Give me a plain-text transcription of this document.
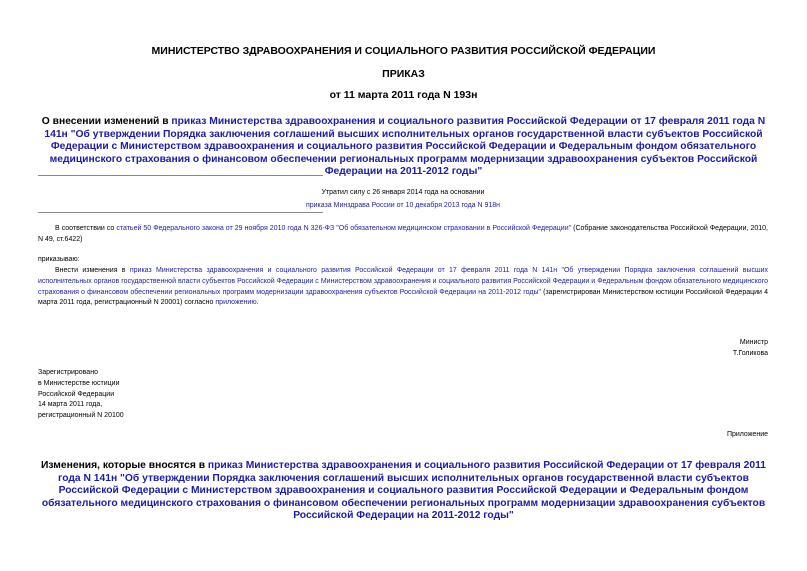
МИНИСТЕРСТВО ЗДРАВООХРАНЕНИЯ И СОЦИАЛЬНОГО РАЗВИТИЯ РОССИЙСКОЙ ФЕДЕРАЦИИ
ПРИКАЗ
от 11 марта 2011 года N 193н
О внесении изменений в приказ Министерства здравоохранения и социального развития Российской Федерации от 17 февраля 2011 года N 141н "Об утверждении Порядка заключения соглашений высших исполнительных органов государственной власти субъектов Российской Федерации с Министерством здравоохранения и социального развития Российской Федерации и Федеральным фондом обязательного медицинского страхования о финансовом обеспечении региональных программ модернизации здравоохранения субъектов Российской Федерации на 2011-2012 годы"
Утратил силу с 26 января 2014 года на основании
приказа Минздрава России от 10 декабря 2013 года N 918н
В соответствии со статьей 50 Федерального закона от 29 ноября 2010 года N 326-ФЗ "Об обязательном медицинском страховании в Российской Федерации" (Собрание законодательства Российской Федерации, 2010, N 49, ст.6422)
приказываю:
Внести изменения в приказ Министерства здравоохранения и социального развития Российской Федерации от 17 февраля 2011 года N 141н "Об утверждении Порядка заключения соглашений высших исполнительных органов государственной власти субъектов Российской Федерации с Министерством здравоохранения и социального развития Российской Федерации и Федеральным фондом обязательного медицинского страхования о финансовом обеспечении региональных программ модернизации здравоохранения субъектов Российской Федерации на 2011-2012 годы" (зарегистрирован Министерством юстиции Российской Федерации 4 марта 2011 года, регистрационный N 20001) согласно приложению.
Министр
Т.Голикова
Зарегистрировано
в Министерстве юстиции
Российской Федерации
14 марта 2011 года,
регистрационный N 20100
Приложение
Изменения, которые вносятся в приказ Министерства здравоохранения и социального развития Российской Федерации от 17 февраля 2011 года N 141н "Об утверждении Порядка заключения соглашений высших исполнительных органов государственной власти субъектов Российской Федерации с Министерством здравоохранения и социального развития Российской Федерации и Федеральным фондом обязательного медицинского страхования о финансовом обеспечении региональных программ модернизации здравоохранения субъектов Российской Федерации на 2011-2012 годы"
